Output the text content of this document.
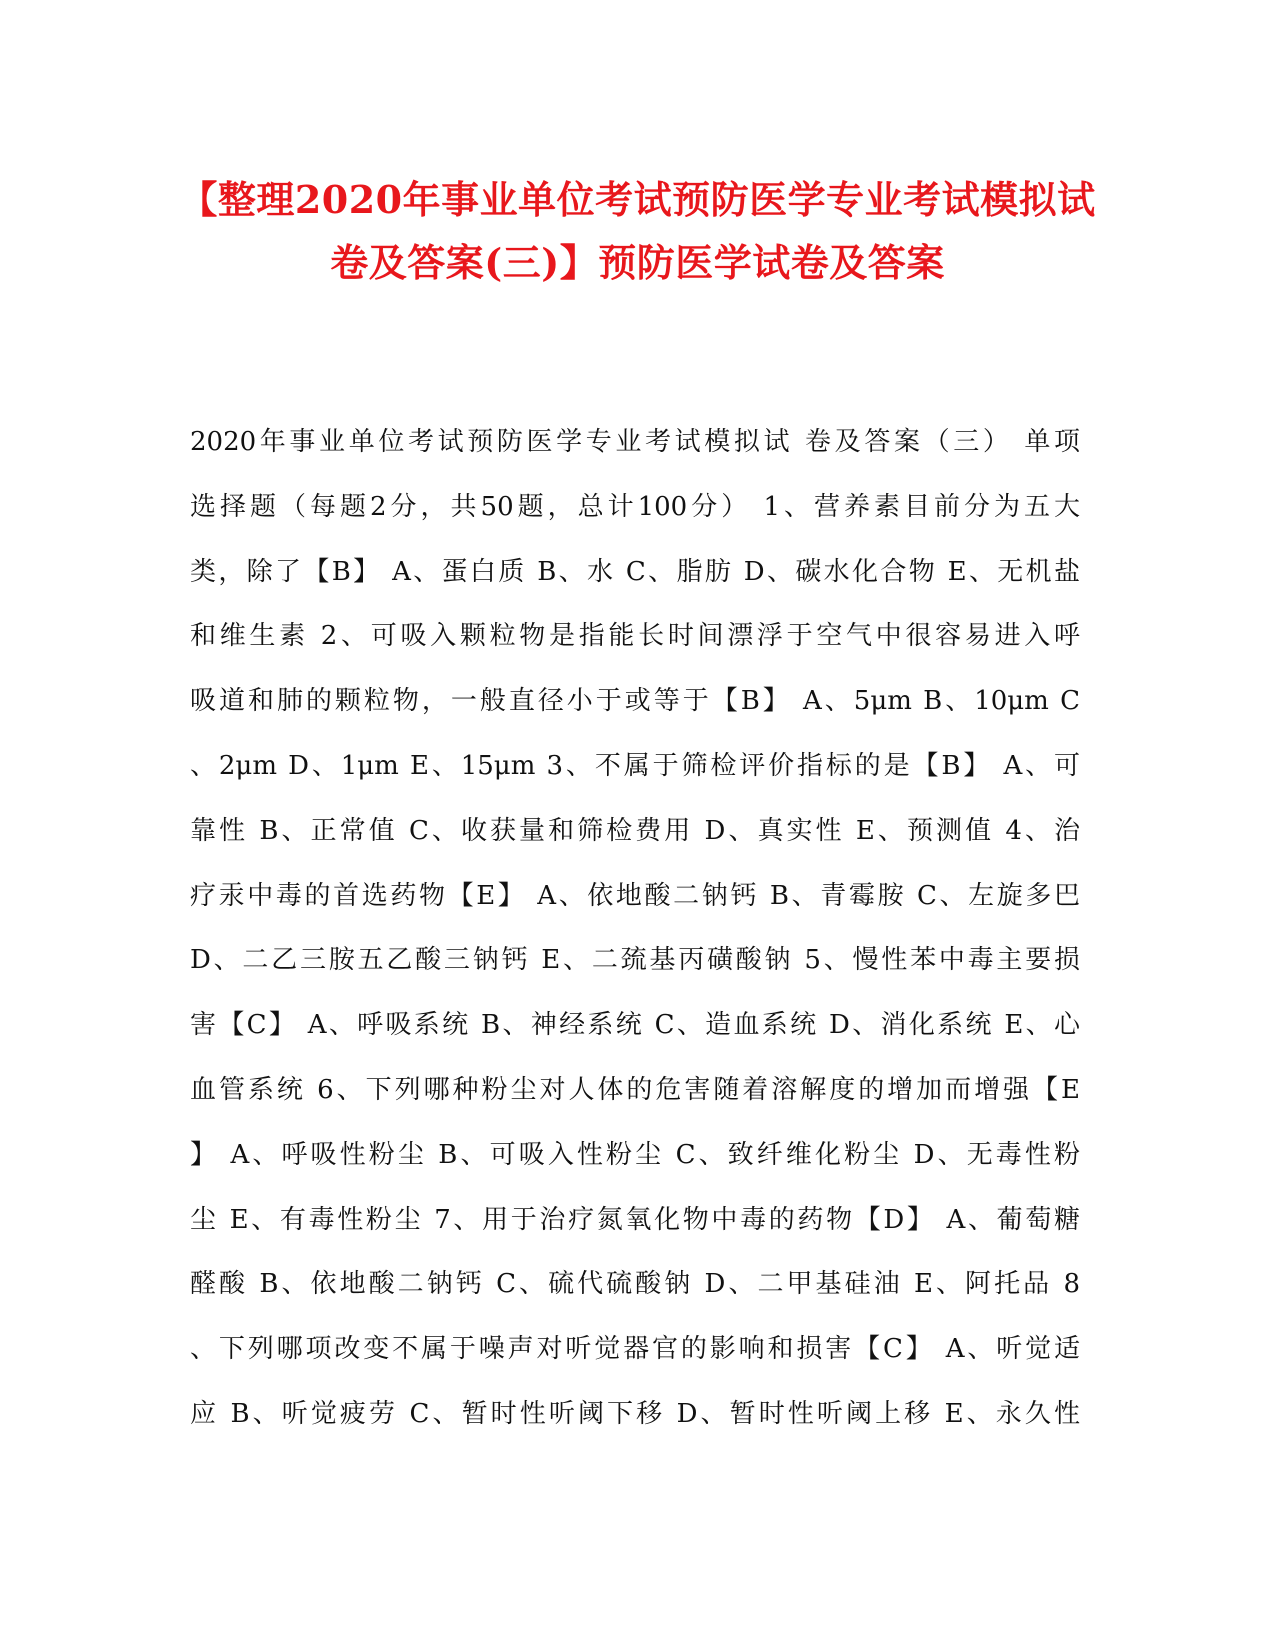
【整理2020年事业单位考试预防医学专业考试模拟试
卷及答案(三)】预防医学试卷及答案
2020年事业单位考试预防医学专业考试模拟试 卷及答案（三） 单项
选择题（每题2分，共50题，总计100分） 1、营养素目前分为五大
类，除了【B】 A、蛋白质 B、水 C、脂肪 D、碳水化合物 E、无机盐
和维生素 2、可吸入颗粒物是指能长时间漂浮于空气中很容易进入呼
吸道和肺的颗粒物，一般直径小于或等于【B】 A、5μm B、10μm C
、2μm D、1μm E、15μm 3、不属于筛检评价指标的是【B】 A、可
靠性 B、正常值 C、收获量和筛检费用 D、真实性 E、预测值 4、治
疗汞中毒的首选药物【E】 A、依地酸二钠钙 B、青霉胺 C、左旋多巴
D、二乙三胺五乙酸三钠钙 E、二巯基丙磺酸钠 5、慢性苯中毒主要损
害【C】 A、呼吸系统 B、神经系统 C、造血系统 D、消化系统 E、心
血管系统 6、下列哪种粉尘对人体的危害随着溶解度的增加而增强【E
】 A、呼吸性粉尘 B、可吸入性粉尘 C、致纤维化粉尘 D、无毒性粉
尘 E、有毒性粉尘 7、用于治疗氮氧化物中毒的药物【D】 A、葡萄糖
醛酸 B、依地酸二钠钙 C、硫代硫酸钠 D、二甲基硅油 E、阿托品 8
、下列哪项改变不属于噪声对听觉器官的影响和损害【C】 A、听觉适
应 B、听觉疲劳 C、暂时性听阈下移 D、暂时性听阈上移 E、永久性
